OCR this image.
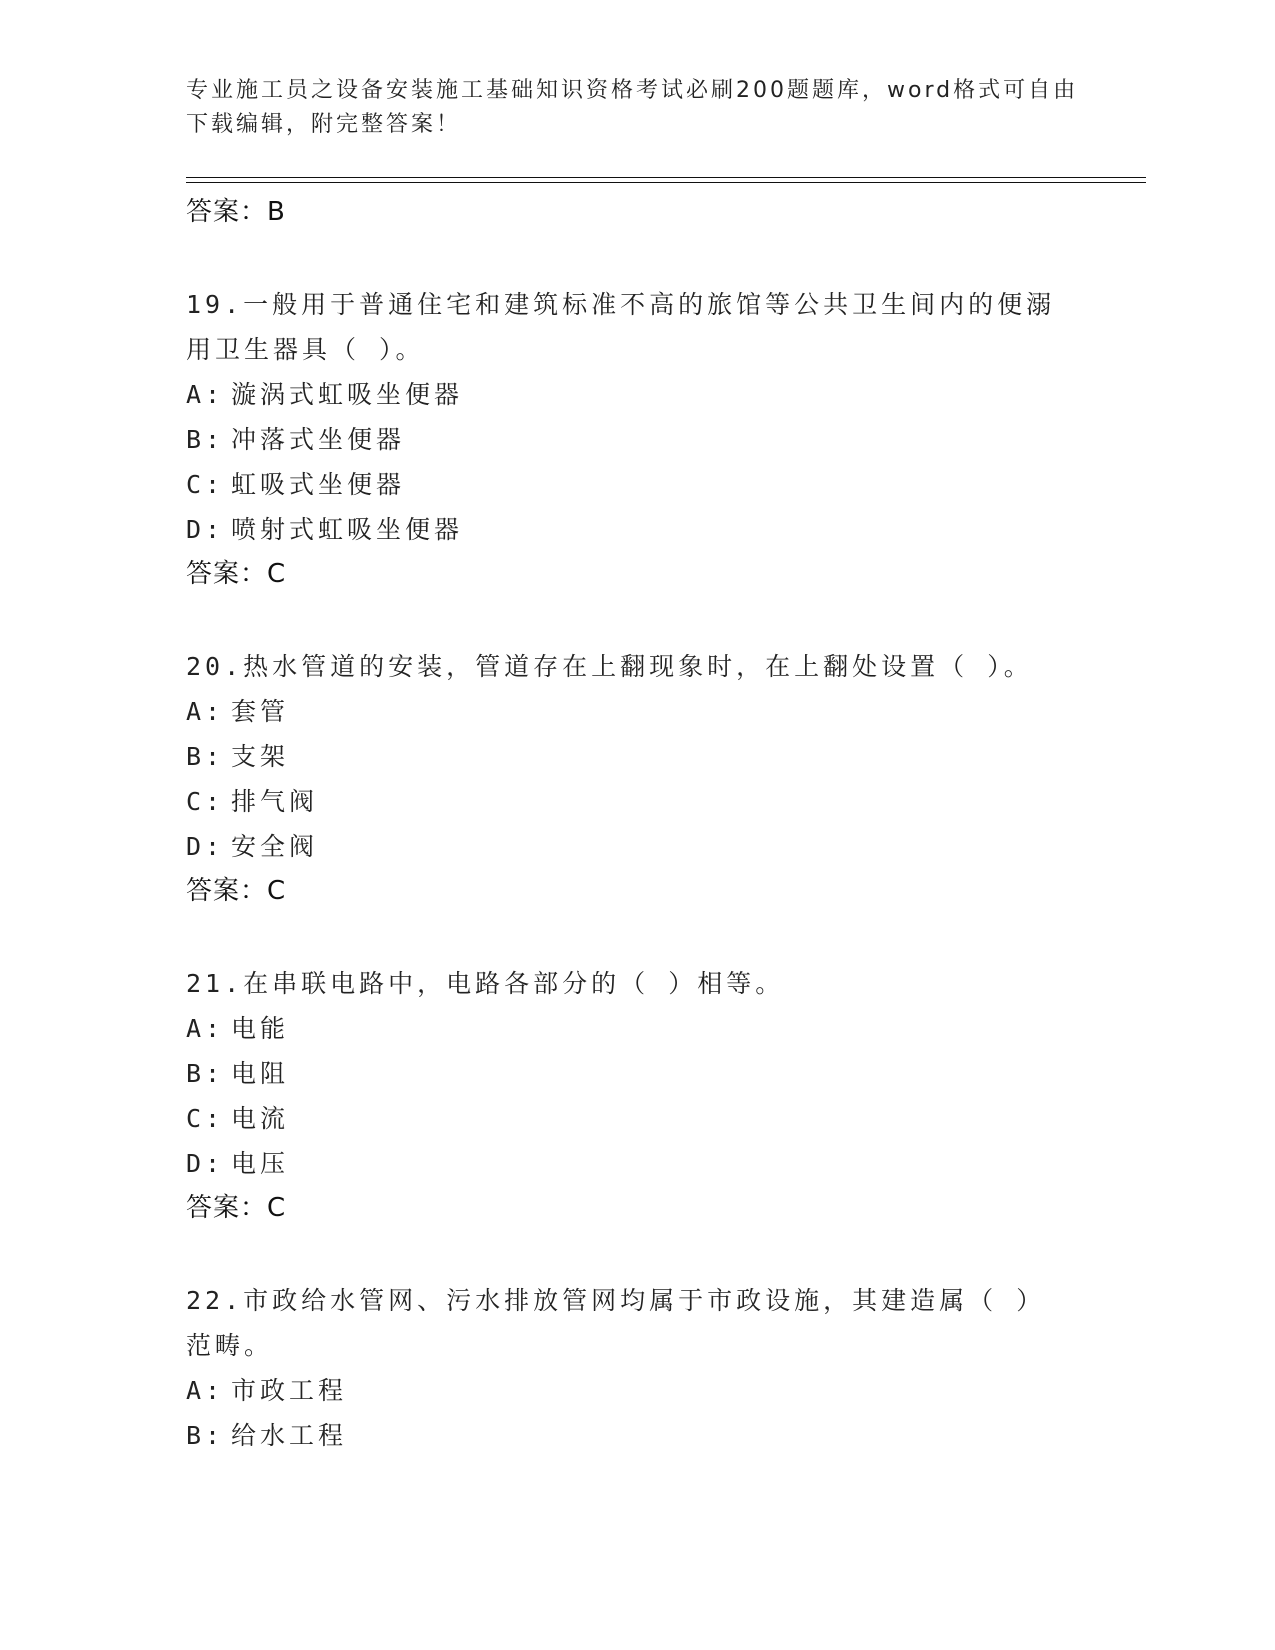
专业施工员之设备安装施工基础知识资格考试必刷200题题库，word格式可自由下载编辑，附完整答案！
答案：B
19.一般用于普通住宅和建筑标准不高的旅馆等公共卫生间内的便溺用卫生器具（ ）。
A: 漩涡式虹吸坐便器
B: 冲落式坐便器
C: 虹吸式坐便器
D: 喷射式虹吸坐便器
答案：C
20.热水管道的安装，管道存在上翻现象时，在上翻处设置（ ）。
A: 套管
B: 支架
C: 排气阀
D: 安全阀
答案：C
21.在串联电路中，电路各部分的（ ）相等。
A: 电能
B: 电阻
C: 电流
D: 电压
答案：C
22.市政给水管网、污水排放管网均属于市政设施，其建造属（ ）范畴。
A: 市政工程
B: 给水工程
